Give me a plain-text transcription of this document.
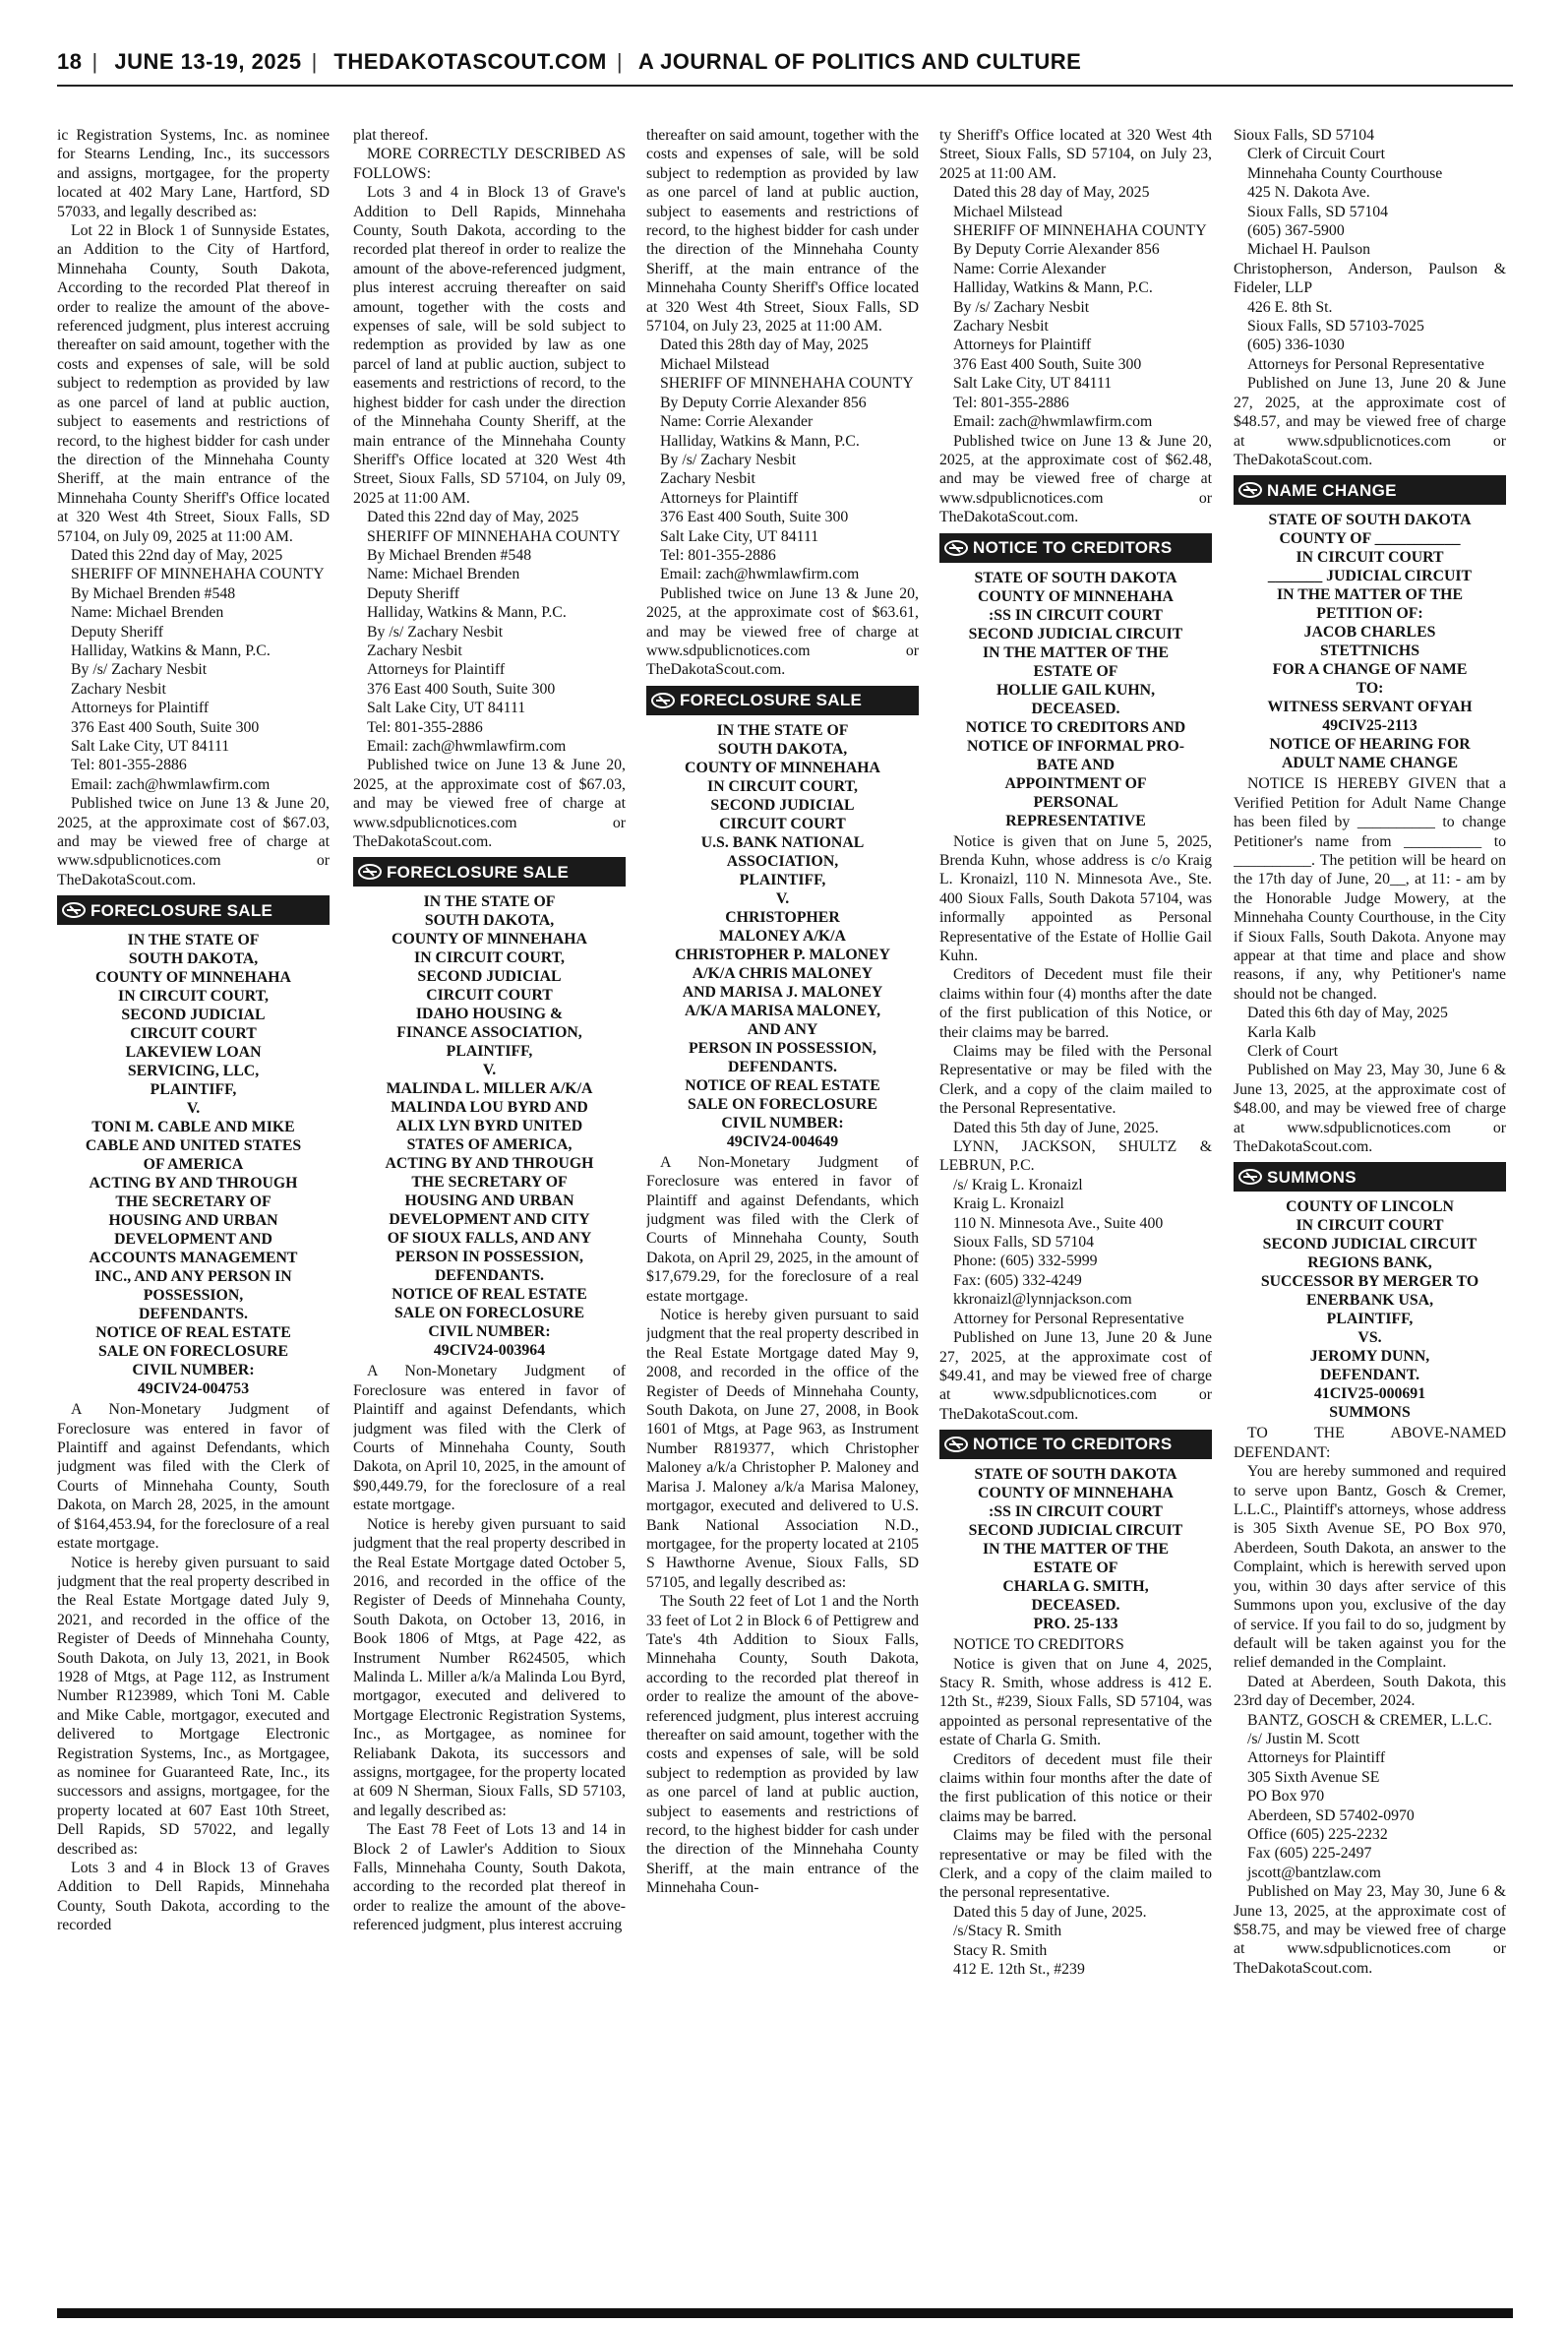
18 | JUNE 13-19, 2025 | THEDAKOTASCOUT.COM | A JOURNAL OF POLITICS AND CULTURE

ic Registration Systems, Inc. as nominee for Stearns Lending, Inc., its successors and assigns, mortgagee, for the property located at 402 Mary Lane, Hartford, SD 57033, and legally described as:

Lot 22 in Block 1 of Sunnyside Estates, an Addition to the City of Hartford, Minnehaha County, South Dakota, According to the recorded Plat thereof in order to realize the amount of the above-referenced judgment, plus interest accruing thereafter on said amount, together with the costs and expenses of sale, will be sold subject to redemption as provided by law as one parcel of land at public auction, subject to easements and restrictions of record, to the highest bidder for cash under the direction of the Minnehaha County Sheriff, at the main entrance of the Minnehaha County Sheriff's Office located at 320 West 4th Street, Sioux Falls, SD 57104, on July 09, 2025 at 11:00 AM.

Dated this 22nd day of May, 2025

SHERIFF OF MINNEHAHA COUNTY

By Michael Brenden #548

Name: Michael Brenden

Deputy Sheriff

Halliday, Watkins & Mann, P.C.

By /s/ Zachary Nesbit

Zachary Nesbit

Attorneys for Plaintiff

376 East 400 South, Suite 300

Salt Lake City, UT 84111

Tel: 801-355-2886

Email: zach@hwmlawfirm.com

Published twice on June 13 & June 20, 2025, at the approximate cost of $67.03, and may be viewed free of charge at www.sdpublicnotices.com or TheDakotaScout.com.

FORECLOSURE SALE
IN THE STATE OF
SOUTH DAKOTA,
COUNTY OF MINNEHAHA
IN CIRCUIT COURT,
SECOND JUDICIAL
CIRCUIT COURT
LAKEVIEW LOAN
SERVICING, LLC,
PLAINTIFF,
V.
TONI M. CABLE AND MIKE
CABLE AND UNITED STATES
OF AMERICA
ACTING BY AND THROUGH
THE SECRETARY OF
HOUSING AND URBAN
DEVELOPMENT AND
ACCOUNTS MANAGEMENT
INC., AND ANY PERSON IN
POSSESSION,
DEFENDANTS.
NOTICE OF REAL ESTATE
SALE ON FORECLOSURE
CIVIL NUMBER:
49CIV24-004753

A Non-Monetary Judgment of Foreclosure was entered in favor of Plaintiff and against Defendants, which judgment was filed with the Clerk of Courts of Minnehaha County, South Dakota, on March 28, 2025, in the amount of $164,453.94, for the foreclosure of a real estate mortgage.

Notice is hereby given pursuant to said judgment that the real property described in the Real Estate Mortgage dated July 9, 2021, and recorded in the office of the Register of Deeds of Minnehaha County, South Dakota, on July 13, 2021, in Book 1928 of Mtgs, at Page 112, as Instrument Number R123989, which Toni M. Cable and Mike Cable, mortgagor, executed and delivered to Mortgage Electronic Registration Systems, Inc., as Mortgagee, as nominee for Guaranteed Rate, Inc., its successors and assigns, mortgagee, for the property located at 607 East 10th Street, Dell Rapids, SD 57022, and legally described as:

Lots 3 and 4 in Block 13 of Graves Addition to Dell Rapids, Minnehaha County, South Dakota, according to the recorded

plat thereof.

MORE CORRECTLY DESCRIBED AS FOLLOWS:

Lots 3 and 4 in Block 13 of Grave's Addition to Dell Rapids, Minnehaha County, South Dakota, according to the recorded plat thereof in order to realize the amount of the above-referenced judgment, plus interest accruing thereafter on said amount, together with the costs and expenses of sale, will be sold subject to redemption as provided by law as one parcel of land at public auction, subject to easements and restrictions of record, to the highest bidder for cash under the direction of the Minnehaha County Sheriff, at the main entrance of the Minnehaha County Sheriff's Office located at 320 West 4th Street, Sioux Falls, SD 57104, on July 09, 2025 at 11:00 AM.

Dated this 22nd day of May, 2025

SHERIFF OF MINNEHAHA COUNTY

By Michael Brenden #548

Name: Michael Brenden

Deputy Sheriff

Halliday, Watkins & Mann, P.C.

By /s/ Zachary Nesbit

Zachary Nesbit

Attorneys for Plaintiff

376 East 400 South, Suite 300

Salt Lake City, UT 84111

Tel: 801-355-2886

Email: zach@hwmlawfirm.com

Published twice on June 13 & June 20, 2025, at the approximate cost of $67.03, and may be viewed free of charge at www.sdpublicnotices.com or TheDakotaScout.com.

FORECLOSURE SALE
IN THE STATE OF
SOUTH DAKOTA,
COUNTY OF MINNEHAHA
IN CIRCUIT COURT,
SECOND JUDICIAL
CIRCUIT COURT
IDAHO HOUSING &
FINANCE ASSOCIATION,
PLAINTIFF,
V.
MALINDA L. MILLER A/K/A
MALINDA LOU BYRD AND
ALIX LYN BYRD UNITED
STATES OF AMERICA,
ACTING BY AND THROUGH
THE SECRETARY OF
HOUSING AND URBAN
DEVELOPMENT AND CITY
OF SIOUX FALLS, AND ANY
PERSON IN POSSESSION,
DEFENDANTS.
NOTICE OF REAL ESTATE
SALE ON FORECLOSURE
CIVIL NUMBER:
49CIV24-003964

A Non-Monetary Judgment of Foreclosure was entered in favor of Plaintiff and against Defendants, which judgment was filed with the Clerk of Courts of Minnehaha County, South Dakota, on April 10, 2025, in the amount of $90,449.79, for the foreclosure of a real estate mortgage.

Notice is hereby given pursuant to said judgment that the real property described in the Real Estate Mortgage dated October 5, 2016, and recorded in the office of the Register of Deeds of Minnehaha County, South Dakota, on October 13, 2016, in Book 1806 of Mtgs, at Page 422, as Instrument Number R624505, which Malinda L. Miller a/k/a Malinda Lou Byrd, mortgagor, executed and delivered to Mortgage Electronic Registration Systems, Inc., as Mortgagee, as nominee for Reliabank Dakota, its successors and assigns, mortgagee, for the property located at 609 N Sherman, Sioux Falls, SD 57103, and legally described as:

The East 78 Feet of Lots 13 and 14 in Block 2 of Lawler's Addition to Sioux Falls, Minnehaha County, South Dakota, according to the recorded plat thereof in order to realize the amount of the above-referenced judgment, plus interest accruing

thereafter on said amount, together with the costs and expenses of sale, will be sold subject to redemption as provided by law as one parcel of land at public auction, subject to easements and restrictions of record, to the highest bidder for cash under the direction of the Minnehaha County Sheriff, at the main entrance of the Minnehaha County Sheriff's Office located at 320 West 4th Street, Sioux Falls, SD 57104, on July 23, 2025 at 11:00 AM.

Dated this 28th day of May, 2025

Michael Milstead

SHERIFF OF MINNEHAHA COUNTY

By Deputy Corrie Alexander 856

Name: Corrie Alexander

Halliday, Watkins & Mann, P.C.

By /s/ Zachary Nesbit

Zachary Nesbit

Attorneys for Plaintiff

376 East 400 South, Suite 300

Salt Lake City, UT 84111

Tel: 801-355-2886

Email: zach@hwmlawfirm.com

Published twice on June 13 & June 20, 2025, at the approximate cost of $63.61, and may be viewed free of charge at www.sdpublicnotices.com or TheDakotaScout.com.

FORECLOSURE SALE
IN THE STATE OF
SOUTH DAKOTA,
COUNTY OF MINNEHAHA
IN CIRCUIT COURT,
SECOND JUDICIAL
CIRCUIT COURT
U.S. BANK NATIONAL
ASSOCIATION,
PLAINTIFF,
V.
CHRISTOPHER
MALONEY A/K/A
CHRISTOPHER P. MALONEY
A/K/A CHRIS MALONEY
AND MARISA J. MALONEY
A/K/A MARISA MALONEY,
AND ANY
PERSON IN POSSESSION,
DEFENDANTS.
NOTICE OF REAL ESTATE
SALE ON FORECLOSURE
CIVIL NUMBER:
49CIV24-004649

A Non-Monetary Judgment of Foreclosure was entered in favor of Plaintiff and against Defendants, which judgment was filed with the Clerk of Courts of Minnehaha County, South Dakota, on April 29, 2025, in the amount of $17,679.29, for the foreclosure of a real estate mortgage.

Notice is hereby given pursuant to said judgment that the real property described in the Real Estate Mortgage dated May 9, 2008, and recorded in the office of the Register of Deeds of Minnehaha County, South Dakota, on June 27, 2008, in Book 1601 of Mtgs, at Page 963, as Instrument Number R819377, which Christopher Maloney a/k/a Christopher P. Maloney and Marisa J. Maloney a/k/a Marisa Maloney, mortgagor, executed and delivered to U.S. Bank National Association N.D., mortgagee, for the property located at 2105 S Hawthorne Avenue, Sioux Falls, SD 57105, and legally described as:

The South 22 feet of Lot 1 and the North 33 feet of Lot 2 in Block 6 of Pettigrew and Tate's 4th Addition to Sioux Falls, Minnehaha County, South Dakota, according to the recorded plat thereof in order to realize the amount of the above-referenced judgment, plus interest accruing thereafter on said amount, together with the costs and expenses of sale, will be sold subject to redemption as provided by law as one parcel of land at public auction, subject to easements and restrictions of record, to the highest bidder for cash under the direction of the Minnehaha County Sheriff, at the main entrance of the Minnehaha Coun-

ty Sheriff's Office located at 320 West 4th Street, Sioux Falls, SD 57104, on July 23, 2025 at 11:00 AM.

Dated this 28 day of May, 2025

Michael Milstead

SHERIFF OF MINNEHAHA COUNTY

By Deputy Corrie Alexander 856

Name: Corrie Alexander

Halliday, Watkins & Mann, P.C.

By /s/ Zachary Nesbit

Zachary Nesbit

Attorneys for Plaintiff

376 East 400 South, Suite 300

Salt Lake City, UT 84111

Tel: 801-355-2886

Email: zach@hwmlawfirm.com

Published twice on June 13 & June 20, 2025, at the approximate cost of $62.48, and may be viewed free of charge at www.sdpublicnotices.com or TheDakotaScout.com.

NOTICE TO CREDITORS
STATE OF SOUTH DAKOTA
COUNTY OF MINNEHAHA
:SS IN CIRCUIT COURT
SECOND JUDICIAL CIRCUIT
IN THE MATTER OF THE
ESTATE OF
HOLLIE GAIL KUHN,
DECEASED.
NOTICE TO CREDITORS AND
NOTICE OF INFORMAL PRO-
BATE AND
APPOINTMENT OF
PERSONAL
REPRESENTATIVE

Notice is given that on June 5, 2025, Brenda Kuhn, whose address is c/o Kraig L. Kronaizl, 110 N. Minnesota Ave., Ste. 400 Sioux Falls, South Dakota 57104, was informally appointed as Personal Representative of the Estate of Hollie Gail Kuhn.

Creditors of Decedent must file their claims within four (4) months after the date of the first publication of this Notice, or their claims may be barred.

Claims may be filed with the Personal Representative or may be filed with the Clerk, and a copy of the claim mailed to the Personal Representative.

Dated this 5th day of June, 2025.

LYNN, JACKSON, SHULTZ & LEBRUN, P.C.

/s/ Kraig L. Kronaizl

Kraig L. Kronaizl

110 N. Minnesota Ave., Suite 400

Sioux Falls, SD 57104

Phone: (605) 332-5999

Fax: (605) 332-4249

kkronaizl@lynnjackson.com

Attorney for Personal Representative

Published on June 13, June 20 & June 27, 2025, at the approximate cost of $49.41, and may be viewed free of charge at www.sdpublicnotices.com or TheDakotaScout.com.

NOTICE TO CREDITORS
STATE OF SOUTH DAKOTA
COUNTY OF MINNEHAHA
:SS IN CIRCUIT COURT
SECOND JUDICIAL CIRCUIT
IN THE MATTER OF THE
ESTATE OF
CHARLA G. SMITH,
DECEASED.
PRO. 25-133

NOTICE TO CREDITORS

Notice is given that on June 4, 2025, Stacy R. Smith, whose address is 412 E. 12th St., #239, Sioux Falls, SD 57104, was appointed as personal representative of the estate of Charla G. Smith.

Creditors of decedent must file their claims within four months after the date of the first publication of this notice or their claims may be barred.

Claims may be filed with the personal representative or may be filed with the Clerk, and a copy of the claim mailed to the personal representative.

Dated this 5 day of June, 2025.

/s/Stacy R. Smith

Stacy R. Smith

412 E. 12th St., #239

Sioux Falls, SD 57104

Clerk of Circuit Court

Minnehaha County Courthouse

425 N. Dakota Ave.

Sioux Falls, SD 57104

(605) 367-5900

Michael H. Paulson

Christopherson, Anderson, Paulson & Fideler, LLP

426 E. 8th St.

Sioux Falls, SD 57103-7025

(605) 336-1030

Attorneys for Personal Representative

Published on June 13, June 20 & June 27, 2025, at the approximate cost of $48.57, and may be viewed free of charge at www.sdpublicnotices.com or TheDakotaScout.com.

NAME CHANGE
STATE OF SOUTH DAKOTA
COUNTY OF ___________
IN CIRCUIT COURT
_______ JUDICIAL CIRCUIT
IN THE MATTER OF THE
PETITION OF:
JACOB CHARLES
STETTNICHS
FOR A CHANGE OF NAME
TO:
WITNESS SERVANT OFYAH
49CIV25-2113
NOTICE OF HEARING FOR
ADULT NAME CHANGE

NOTICE IS HEREBY GIVEN that a Verified Petition for Adult Name Change has been filed by __________ to change Petitioner's name from __________ to __________. The petition will be heard on the 17th day of June, 20__, at 11: - am by the Honorable Judge Mowery, at the Minnehaha County Courthouse, in the City if Sioux Falls, South Dakota. Anyone may appear at that time and place and show reasons, if any, why Petitioner's name should not be changed.

Dated this 6th day of May, 2025

Karla Kalb

Clerk of Court

Published on May 23, May 30, June 6 & June 13, 2025, at the approximate cost of $48.00, and may be viewed free of charge at www.sdpublicnotices.com or TheDakotaScout.com.

SUMMONS
COUNTY OF LINCOLN
IN CIRCUIT COURT
SECOND JUDICIAL CIRCUIT
REGIONS BANK,
SUCCESSOR BY MERGER TO
ENERBANK USA,
PLAINTIFF,
VS.
JEROMY DUNN,
DEFENDANT.
41CIV25-000691
SUMMONS

TO THE ABOVE-NAMED DEFENDANT:

You are hereby summoned and required to serve upon Bantz, Gosch & Cremer, L.L.C., Plaintiff's attorneys, whose address is 305 Sixth Avenue SE, PO Box 970, Aberdeen, South Dakota, an answer to the Complaint, which is herewith served upon you, within 30 days after service of this Summons upon you, exclusive of the day of service. If you fail to do so, judgment by default will be taken against you for the relief demanded in the Complaint.

Dated at Aberdeen, South Dakota, this 23rd day of December, 2024.

BANTZ, GOSCH & CREMER, L.L.C.

/s/ Justin M. Scott

Attorneys for Plaintiff

305 Sixth Avenue SE

PO Box 970

Aberdeen, SD 57402-0970

Office (605) 225-2232

Fax (605) 225-2497

jscott@bantzlaw.com

Published on May 23, May 30, June 6 & June 13, 2025, at the approximate cost of $58.75, and may be viewed free of charge at www.sdpublicnotices.com or TheDakotaScout.com.
